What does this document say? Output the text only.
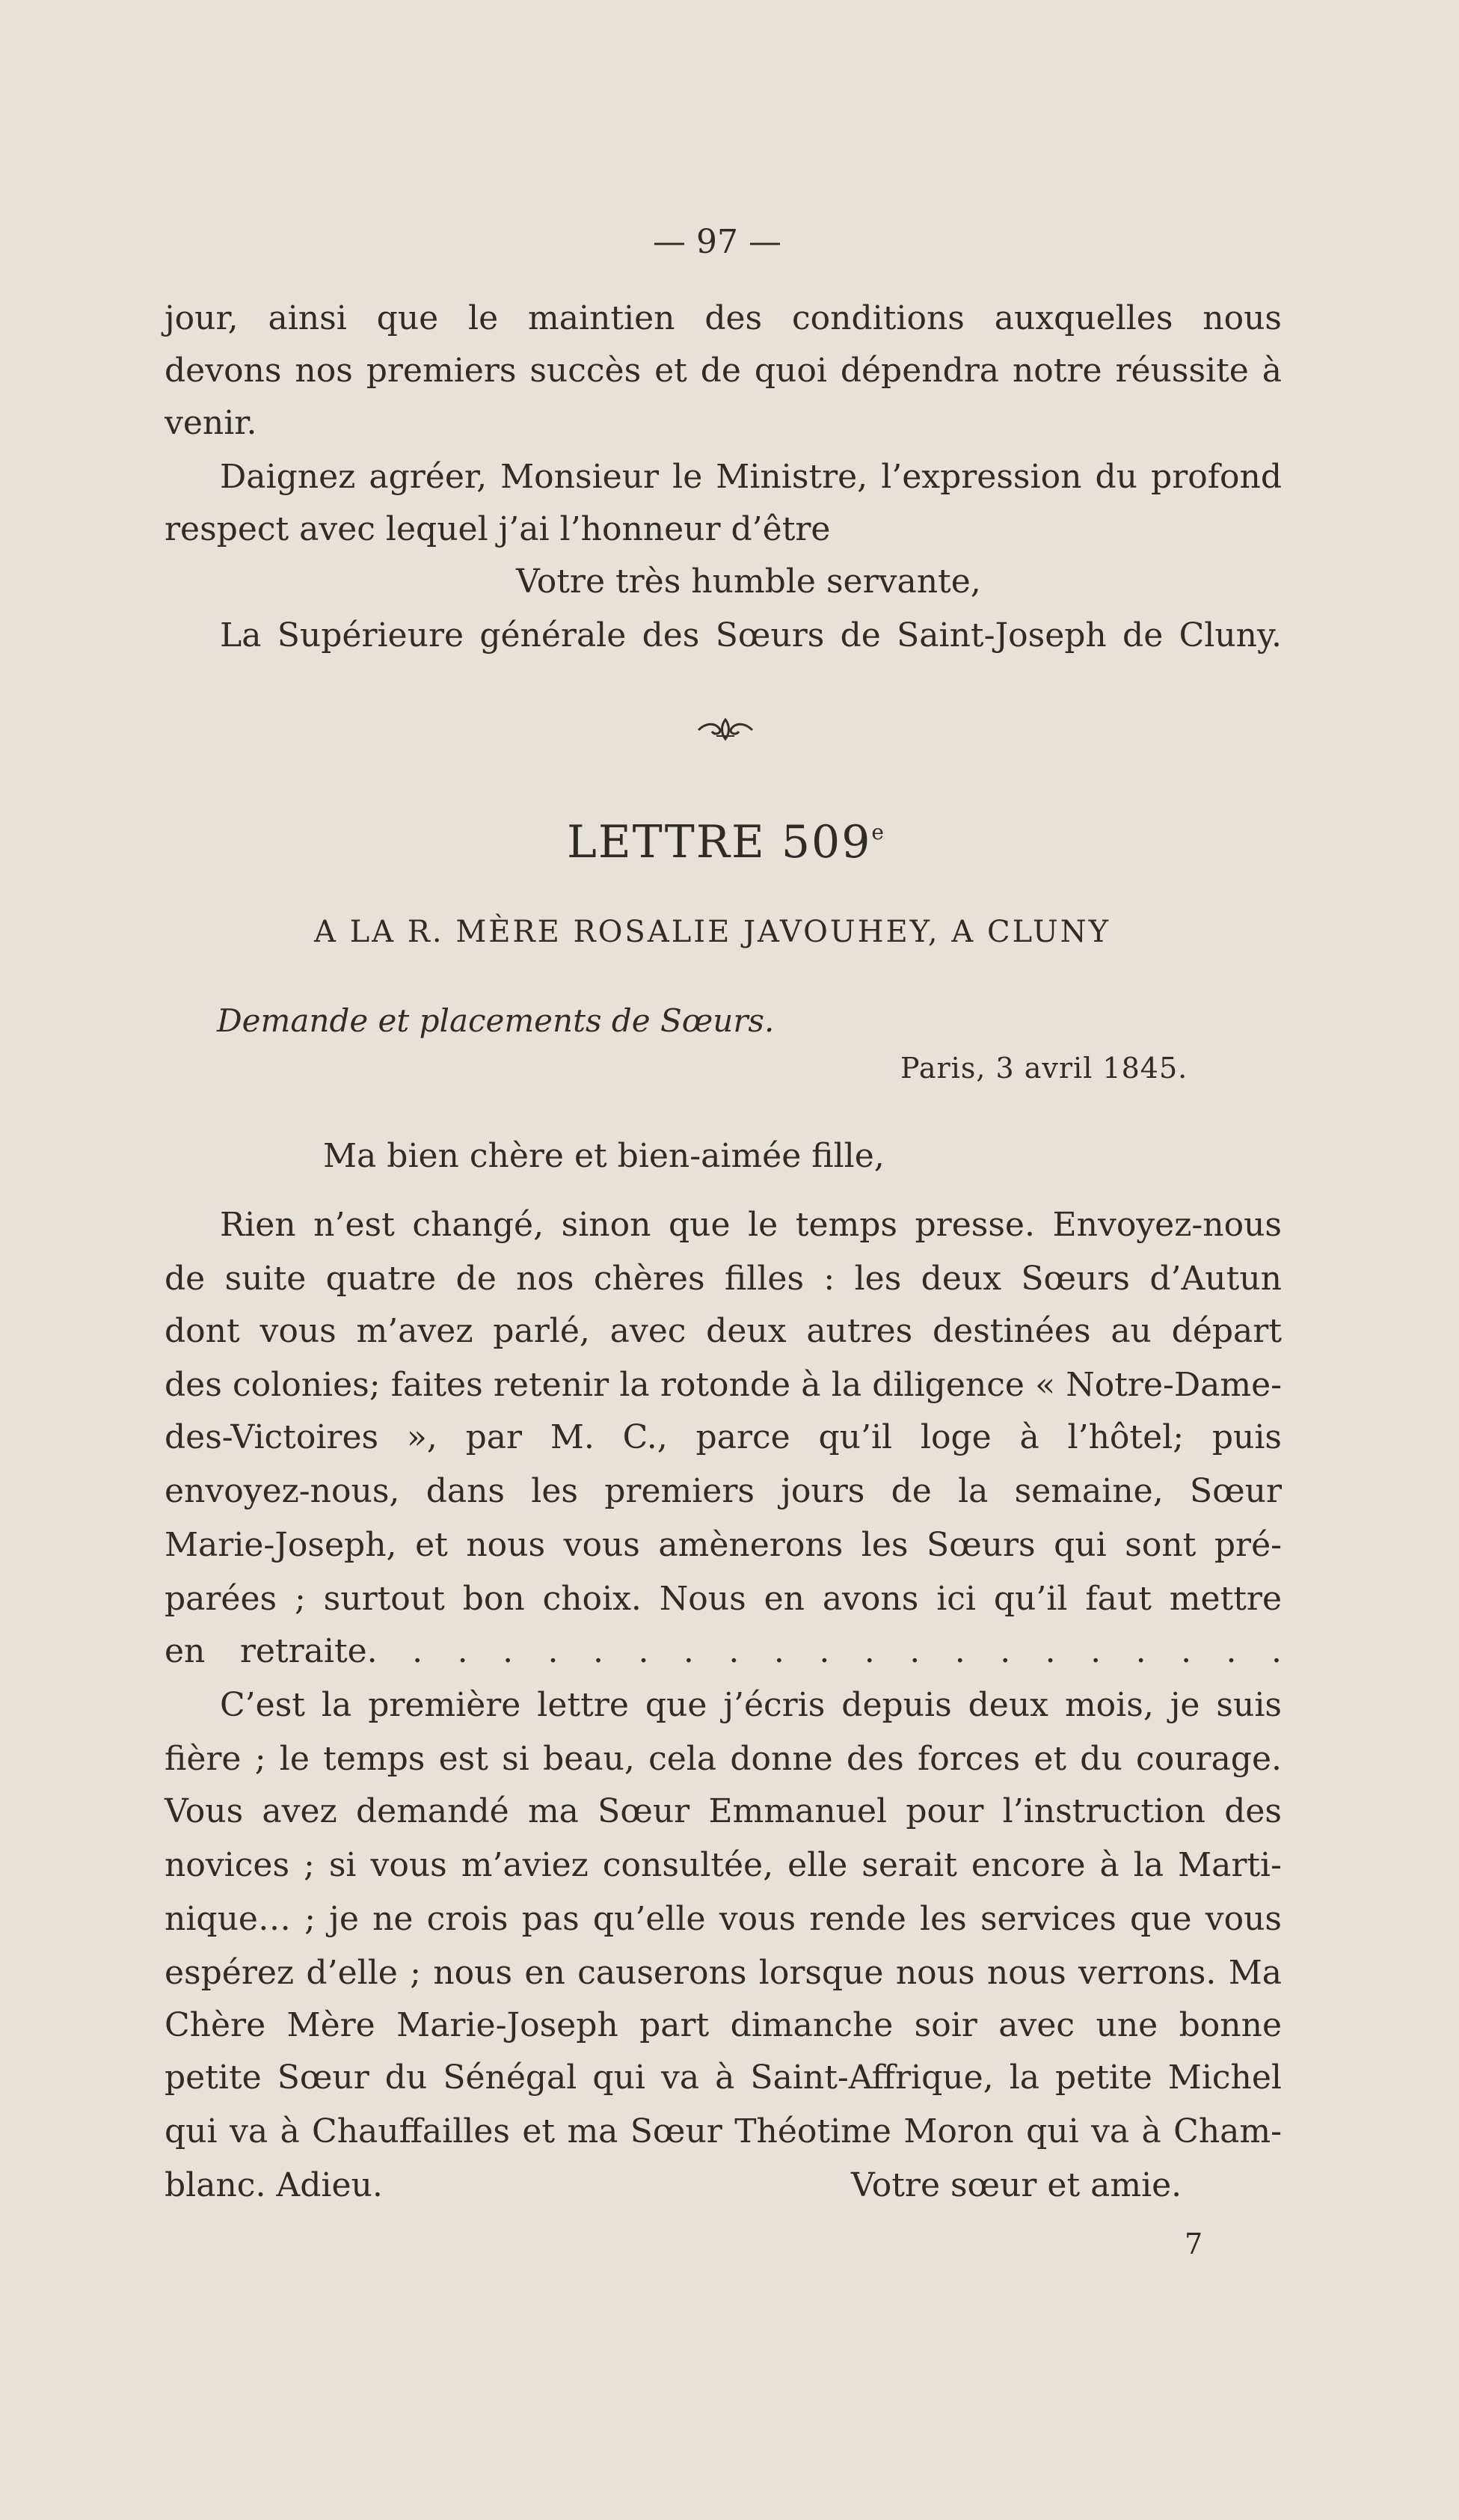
— 97 —
jour, ainsi que le maintien des conditions auxquelles nous
devons nos premiers succès et de quoi dépendra notre réussite à
venir.
Daignez agréer, Monsieur le Ministre, l’expression du profond
respect avec lequel j’ai l’honneur d’être
Votre très humble servante,
La Supérieure générale des Sœurs de Saint-Joseph de Cluny.
LETTRE 509e
A LA R. MÈRE ROSALIE JAVOUHEY, A CLUNY
Demande et placements de Sœurs.
Paris, 3 avril 1845.
Ma bien chère et bien-aimée fille,
Rien n’est changé, sinon que le temps presse. Envoyez-nous
de suite quatre de nos chères filles : les deux Sœurs d’Autun
dont vous m’avez parlé, avec deux autres destinées au départ
des colonies; faites retenir la rotonde à la diligence « Notre-Dame-
des-Victoires », par M. C., parce qu’il loge à l’hôtel; puis
envoyez-nous, dans les premiers jours de la semaine, Sœur
Marie-Joseph, et nous vous amènerons les Sœurs qui sont pré-
parées ; surtout bon choix. Nous en avons ici qu’il faut mettre
en retraite. . . . . . . . . . . . . . . . . . . . .
C’est la première lettre que j’écris depuis deux mois, je suis
fière ; le temps est si beau, cela donne des forces et du courage.
Vous avez demandé ma Sœur Emmanuel pour l’instruction des
novices ; si vous m’aviez consultée, elle serait encore à la Marti-
nique… ; je ne crois pas qu’elle vous rende les services que vous
espérez d’elle ; nous en causerons lorsque nous nous verrons. Ma
Chère Mère Marie-Joseph part dimanche soir avec une bonne
petite Sœur du Sénégal qui va à Saint-Affrique, la petite Michel
qui va à Chauffailles et ma Sœur Théotime Moron qui va à Cham-
blanc. Adieu.	Votre sœur et amie.
7
